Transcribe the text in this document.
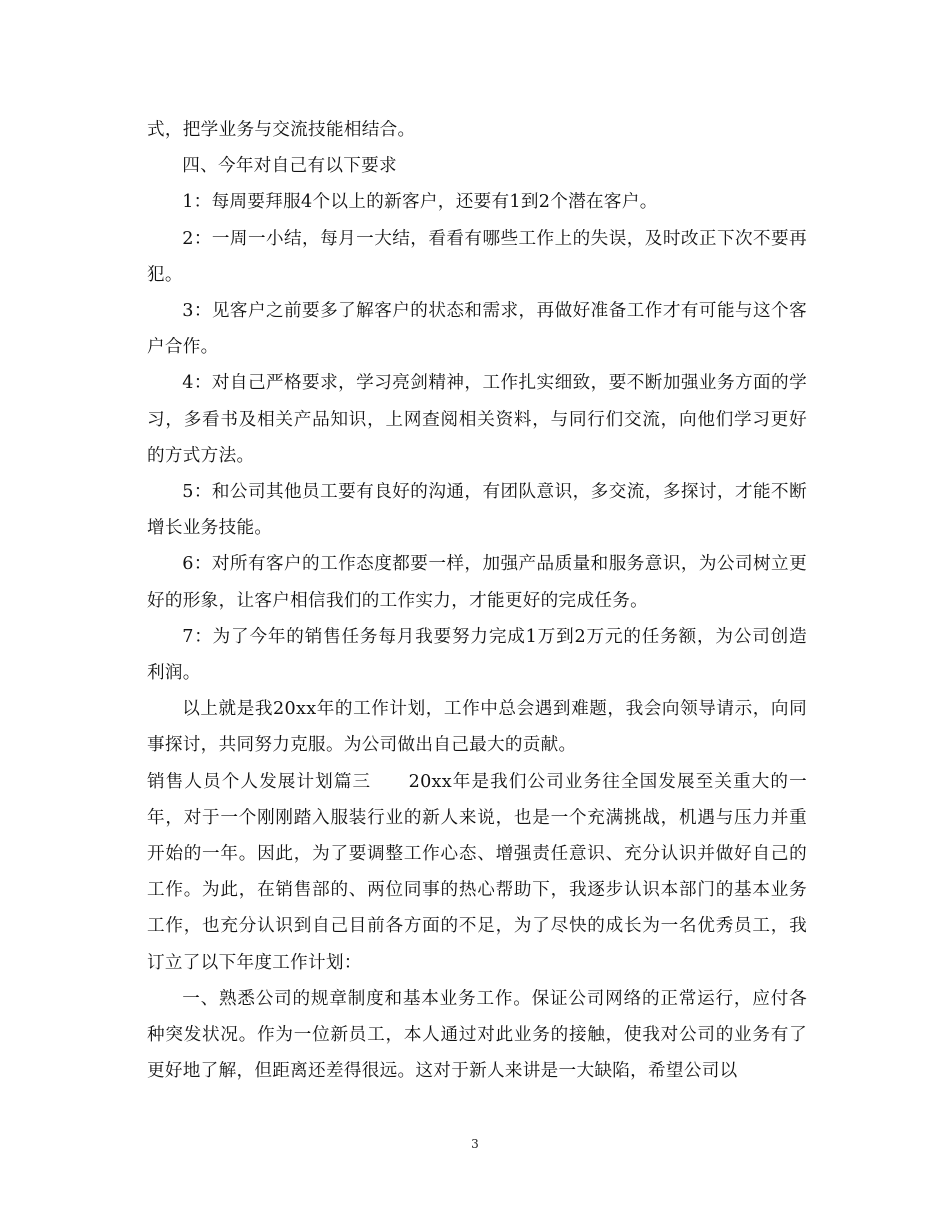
式，把学业务与交流技能相结合。

四、今年对自己有以下要求

1：每周要拜服4个以上的新客户，还要有1到2个潜在客户。

2：一周一小结，每月一大结，看看有哪些工作上的失误，及时改正下次不要再犯。

3：见客户之前要多了解客户的状态和需求，再做好准备工作才有可能与这个客户合作。

4：对自己严格要求，学习亮剑精神，工作扎实细致，要不断加强业务方面的学习，多看书及相关产品知识，上网查阅相关资料，与同行们交流，向他们学习更好的方式方法。

5：和公司其他员工要有良好的沟通，有团队意识，多交流，多探讨，才能不断增长业务技能。

6：对所有客户的工作态度都要一样，加强产品质量和服务意识，为公司树立更好的形象，让客户相信我们的工作实力，才能更好的完成任务。

7：为了今年的销售任务每月我要努力完成1万到2万元的任务额，为公司创造利润。

以上就是我20xx年的工作计划，工作中总会遇到难题，我会向领导请示，向同事探讨，共同努力克服。为公司做出自己最大的贡献。

销售人员个人发展计划篇三　　20xx年是我们公司业务往全国发展至关重大的一年，对于一个刚刚踏入服装行业的新人来说，也是一个充满挑战，机遇与压力并重开始的一年。因此，为了要调整工作心态、增强责任意识、充分认识并做好自己的工作。为此，在销售部的、两位同事的热心帮助下，我逐步认识本部门的基本业务工作，也充分认识到自己目前各方面的不足，为了尽快的成长为一名优秀员工，我订立了以下年度工作计划：

一、熟悉公司的规章制度和基本业务工作。保证公司网络的正常运行，应付各种突发状况。作为一位新员工，本人通过对此业务的接触，使我对公司的业务有了更好地了解，但距离还差得很远。这对于新人来讲是一大缺陷，希望公司以

3
